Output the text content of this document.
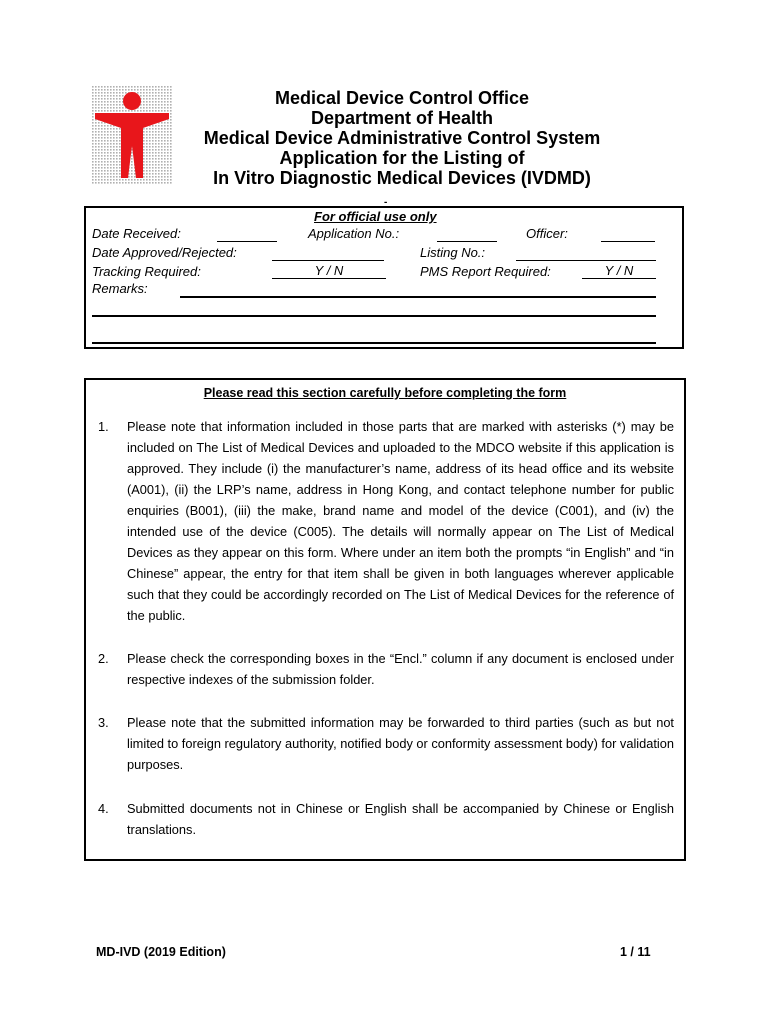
Medical Device Control Office
Department of Health
Medical Device Administrative Control System
Application for the Listing of
In Vitro Diagnostic Medical Devices (IVDMD)
-
For official use only
Date Received:	Application No.:	Officer:
Date Approved/Rejected:	Listing No.:
Tracking Required:	Y / N	PMS Report Required:	Y / N
Remarks:
Please read this section carefully before completing the form
1. Please note that information included in those parts that are marked with asterisks (*) may be included on The List of Medical Devices and uploaded to the MDCO website if this application is approved. They include (i) the manufacturer’s name, address of its head office and its website (A001), (ii) the LRP’s name, address in Hong Kong, and contact telephone number for public enquiries (B001), (iii) the make, brand name and model of the device (C001), and (iv) the intended use of the device (C005). The details will normally appear on The List of Medical Devices as they appear on this form. Where under an item both the prompts “in English” and “in Chinese” appear, the entry for that item shall be given in both languages wherever applicable such that they could be accordingly recorded on The List of Medical Devices for the reference of the public.
2. Please check the corresponding boxes in the “Encl.” column if any document is enclosed under respective indexes of the submission folder.
3. Please note that the submitted information may be forwarded to third parties (such as but not limited to foreign regulatory authority, notified body or conformity assessment body) for validation purposes.
4. Submitted documents not in Chinese or English shall be accompanied by Chinese or English translations.
MD-IVD (2019 Edition)	1 / 11
